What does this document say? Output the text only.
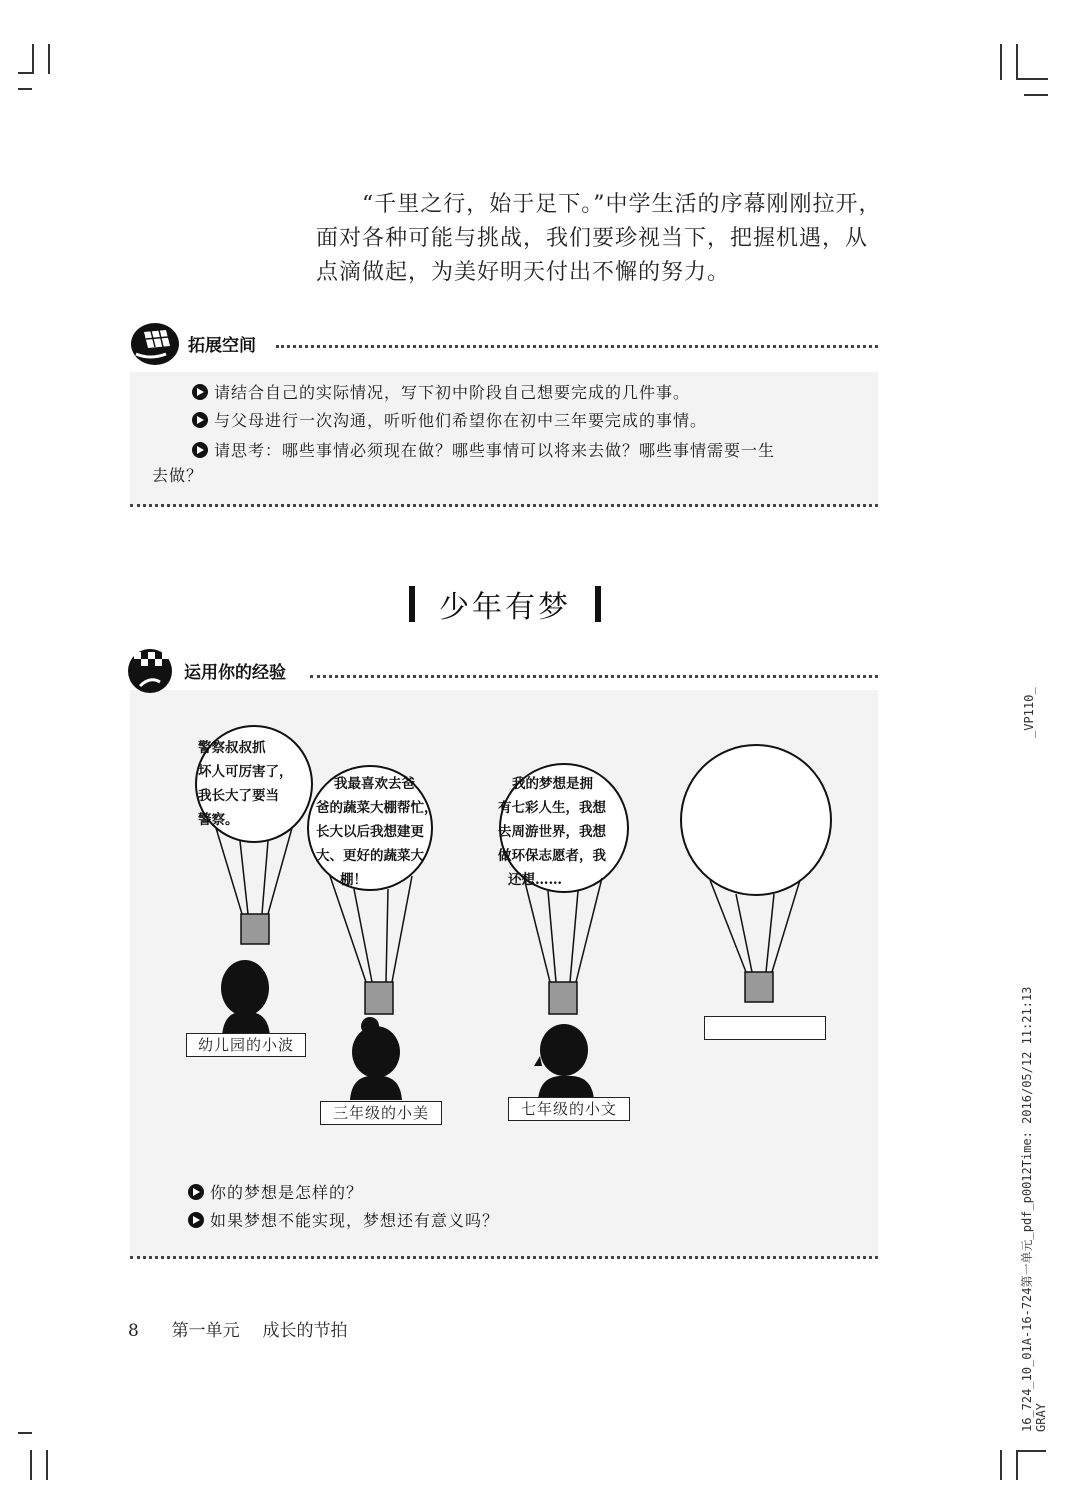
“千里之行，始于足下。”中学生活的序幕刚刚拉开，面对各种可能与挑战，我们要珍视当下，把握机遇，从点滴做起，为美好明天付出不懈的努力。

拓展空间
请结合自己的实际情况，写下初中阶段自己想要完成的几件事。
与父母进行一次沟通，听听他们希望你在初中三年要完成的事情。
请思考：哪些事情必须现在做？哪些事情可以将来去做？哪些事情需要一生
去做？
少年有梦
运用你的经验
警察叔叔抓
坏人可厉害了，
我长大了要当
警察。
我最喜欢去爸
爸的蔬菜大棚帮忙，
长大以后我想建更
大、更好的蔬菜大
棚！
我的梦想是拥
有七彩人生，我想
去周游世界，我想
做环保志愿者，我
还想……
幼儿园的小波
三年级的小美	七年级的小文
你的梦想是怎样的？
如果梦想不能实现，梦想还有意义吗？
8 第一单元 成长的节拍
_VP110_
16_724_10_01A-16-724第一单元_pdf_p0012Time: 2016/05/12 11:21:13 GRAY
